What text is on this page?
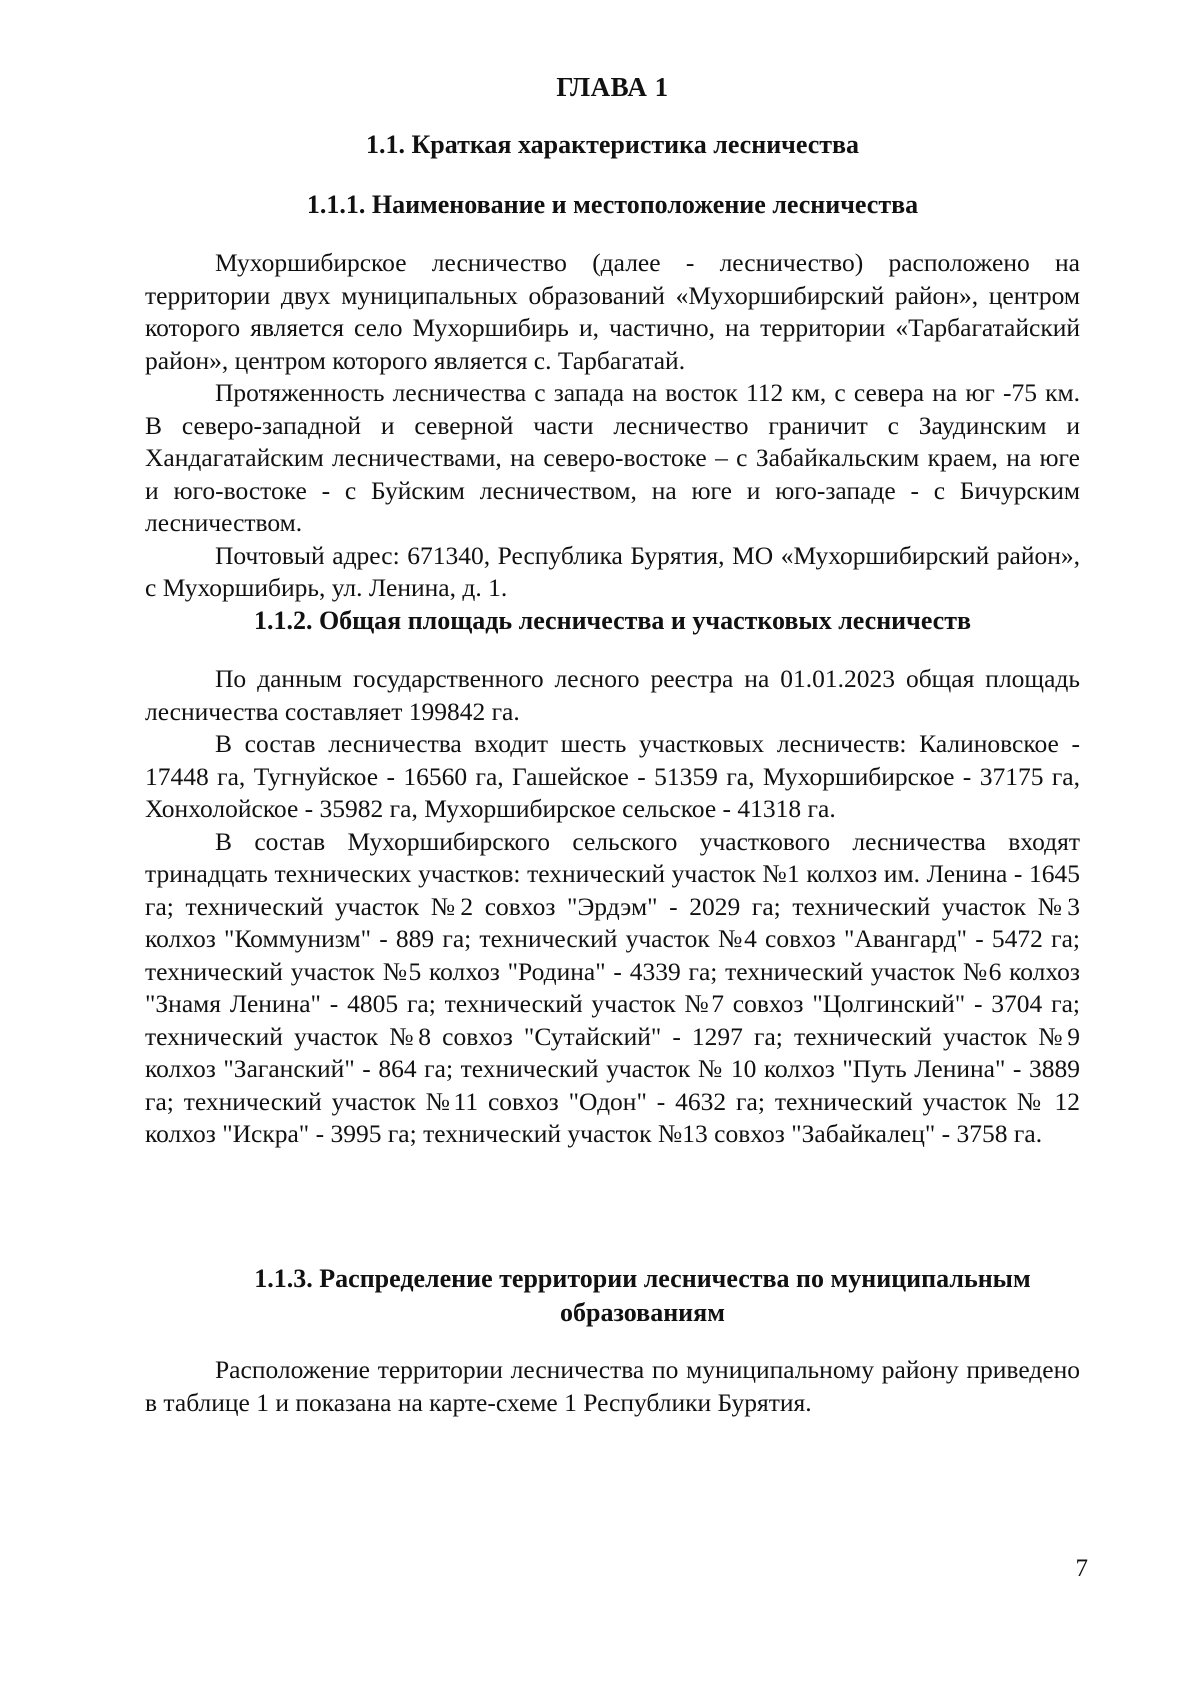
ГЛАВА 1
1.1. Краткая характеристика лесничества
1.1.1. Наименование и местоположение лесничества

Мухоршибирское лесничество (далее - лесничество) расположено на территории двух муниципальных образований «Мухоршибирский район», центром которого является село Мухоршибирь и, частично, на территории «Тарбагатайский район», центром которого является с. Тарбагатай.

Протяженность лесничества с запада на восток 112 км, с севера на юг -75 км. В северо-западной и северной части лесничество граничит с Заудинским и Хандагатайским лесничествами, на северо-востоке – с Забайкальским краем, на юге и юго-востоке - с Буйским лесничеством, на юге и юго-западе - с Бичурским лесничеством.

Почтовый адрес: 671340, Республика Бурятия, МО «Мухоршибирский район», с Мухоршибирь, ул. Ленина, д. 1.

1.1.2. Общая площадь лесничества и участковых лесничеств

По данным государственного лесного реестра на 01.01.2023 общая площадь лесничества составляет 199842 га.

В состав лесничества входит шесть участковых лесничеств: Калиновское - 17448 га, Тугнуйское - 16560 га, Гашейское - 51359 га, Мухоршибирское - 37175 га, Хонхолойское - 35982 га, Мухоршибирское сельское - 41318 га.

В состав Мухоршибирского сельского участкового лесничества входят тринадцать технических участков: технический участок №1 колхоз им. Ленина - 1645 га; технический участок №2 совхоз "Эрдэм" - 2029 га; технический участок №3 колхоз "Коммунизм" - 889 га; технический участок №4 совхоз "Авангард" - 5472 га; технический участок №5 колхоз "Родина" - 4339 га; технический участок №6 колхоз "Знамя Ленина" - 4805 га; технический участок №7 совхоз "Цолгинский" - 3704 га; технический участок №8 совхоз "Сутайский" - 1297 га; технический участок №9 колхоз "Заганский" - 864 га; технический участок № 10 колхоз "Путь Ленина" - 3889 га; технический участок №11 совхоз "Одон" - 4632 га; технический участок № 12 колхоз "Искра" - 3995 га; технический участок №13 совхоз "Забайкалец" - 3758 га.

1.1.3. Распределение территории лесничества по муниципальным образованиям

Расположение территории лесничества по муниципальному району приведено в таблице 1 и показана на карте-схеме 1 Республики Бурятия.

7
